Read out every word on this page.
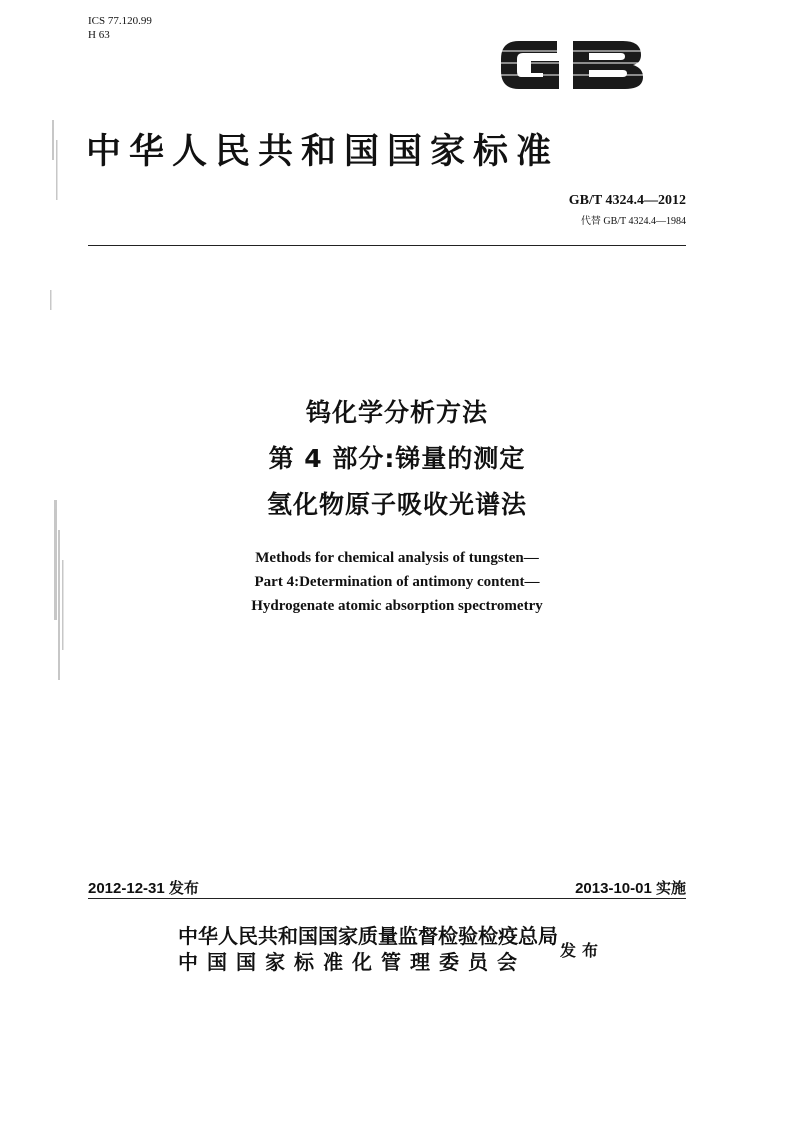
ICS 77.120.99
H 63
中华人民共和国国家标准
GB/T 4324.4—2012
代替 GB/T 4324.4—1984
钨化学分析方法
第 4 部分:锑量的测定
氢化物原子吸收光谱法
Methods for chemical analysis of tungsten—
Part 4:Determination of antimony content—
Hydrogenate atomic absorption spectrometry
2012-12-31 发布	2013-10-01 实施
中华人民共和国国家质量监督检验检疫总局
中国国家标准化管理委员会 发布
